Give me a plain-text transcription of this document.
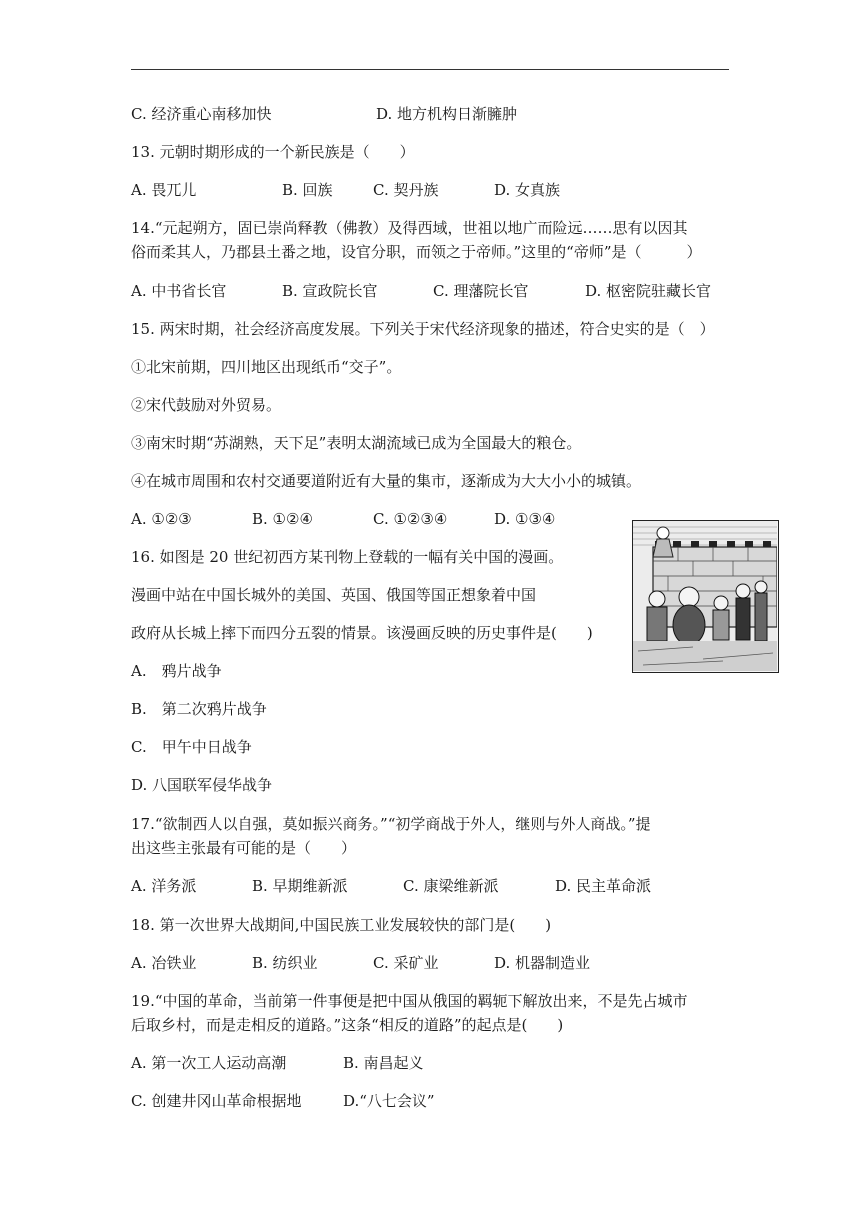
C. 经济重心南移加快	D. 地方机构日渐臃肿
13. 元朝时期形成的一个新民族是（　　）
A. 畏兀儿	B. 回族	C. 契丹族	D. 女真族
14.“元起朔方，固已崇尚释教（佛教）及得西域，世祖以地广而险远……思有以因其
俗而柔其人，乃郡县土番之地，设官分职，而领之于帝师。”这里的“帝师”是（　　　）
A. 中书省长官	B. 宣政院长官	C. 理藩院长官	D. 枢密院驻藏长官
15. 两宋时期，社会经济高度发展。下列关于宋代经济现象的描述，符合史实的是（　）
①北宋前期，四川地区出现纸币“交子”。
②宋代鼓励对外贸易。
③南宋时期“苏湖熟，天下足”表明太湖流域已成为全国最大的粮仓。
④在城市周围和农村交通要道附近有大量的集市，逐渐成为大大小小的城镇。
A. ①②③	B. ①②④	C. ①②③④	D. ①③④
16. 如图是 20 世纪初西方某刊物上登载的一幅有关中国的漫画。
漫画中站在中国长城外的美国、英国、俄国等国正想象着中国
政府从长城上摔下而四分五裂的情景。该漫画反映的历史事件是(　　)
A.　鸦片战争
B.　第二次鸦片战争
C.　甲午中日战争
D. 八国联军侵华战争
17.“欲制西人以自强，莫如振兴商务。”“初学商战于外人，继则与外人商战。”提
出这些主张最有可能的是（　　）
A. 洋务派	B. 早期维新派	C. 康梁维新派	D. 民主革命派
18. 第一次世界大战期间,中国民族工业发展较快的部门是(　　)
A. 冶铁业	B. 纺织业	C. 采矿业	D. 机器制造业
19.“中国的革命，当前第一件事便是把中国从俄国的羁轭下解放出来，不是先占城市
后取乡村，而是走相反的道路。”这条“相反的道路”的起点是(　　)
A. 第一次工人运动高潮	B. 南昌起义
C. 创建井冈山革命根据地	D.“八七会议”
